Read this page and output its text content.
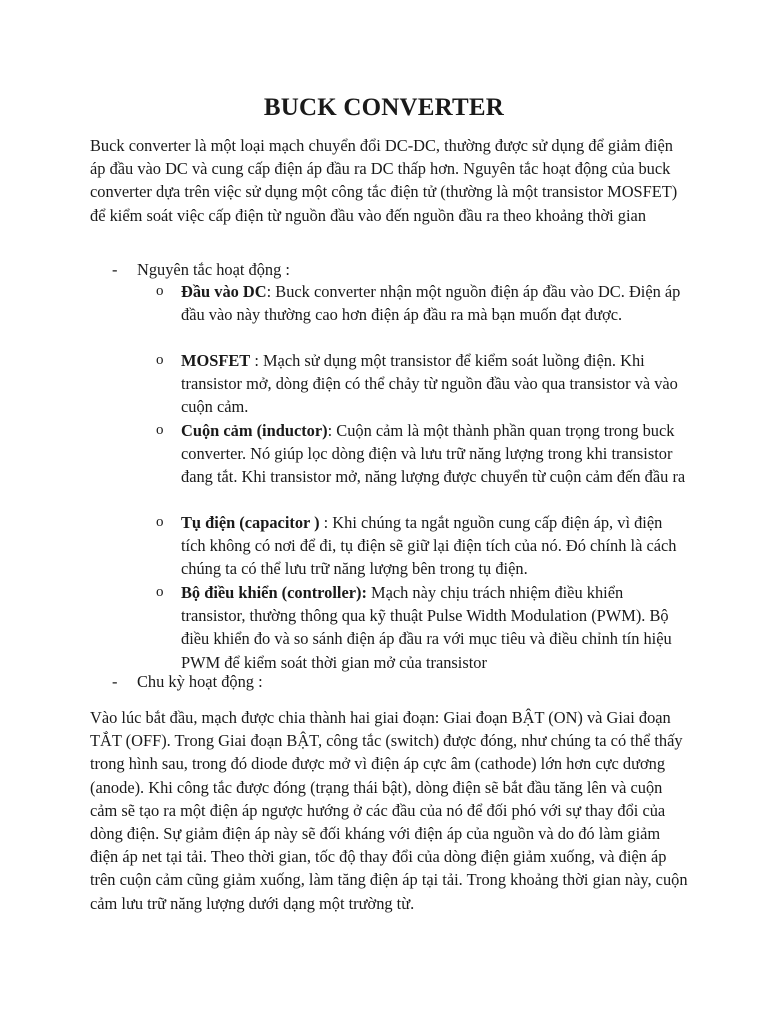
BUCK CONVERTER

Buck converter là một loại mạch chuyển đổi DC-DC, thường được sử dụng để giảm điện áp đầu vào DC và cung cấp điện áp đầu ra DC thấp hơn. Nguyên tắc hoạt động của buck converter dựa trên việc sử dụng một công tắc điện tử (thường là một transistor MOSFET) để kiểm soát việc cấp điện từ nguồn đầu vào đến nguồn đầu ra theo khoảng thời gian

- Nguyên tắc hoạt động :
o Đầu vào DC: Buck converter nhận một nguồn điện áp đầu vào DC. Điện áp đầu vào này thường cao hơn điện áp đầu ra mà bạn muốn đạt được.
o MOSFET : Mạch sử dụng một transistor để kiểm soát luồng điện. Khi transistor mở, dòng điện có thể chảy từ nguồn đầu vào qua transistor và vào cuộn cảm.
o Cuộn cảm (inductor): Cuộn cảm là một thành phần quan trọng trong buck converter. Nó giúp lọc dòng điện và lưu trữ năng lượng trong khi transistor đang tắt. Khi transistor mở, năng lượng được chuyển từ cuộn cảm đến đầu ra
o Tụ điện (capacitor ) : Khi chúng ta ngắt nguồn cung cấp điện áp, vì điện tích không có nơi để đi, tụ điện sẽ giữ lại điện tích của nó. Đó chính là cách chúng ta có thể lưu trữ năng lượng bên trong tụ điện.
o Bộ điều khiển (controller): Mạch này chịu trách nhiệm điều khiển transistor, thường thông qua kỹ thuật Pulse Width Modulation (PWM). Bộ điều khiển đo và so sánh điện áp đầu ra với mục tiêu và điều chỉnh tín hiệu PWM để kiểm soát thời gian mở của transistor
- Chu kỳ hoạt động :

Vào lúc bắt đầu, mạch được chia thành hai giai đoạn: Giai đoạn BẬT (ON) và Giai đoạn TẮT (OFF). Trong Giai đoạn BẬT, công tắc (switch) được đóng, như chúng ta có thể thấy trong hình sau, trong đó diode được mở vì điện áp cực âm (cathode) lớn hơn cực dương (anode). Khi công tắc được đóng (trạng thái bật), dòng điện sẽ bắt đầu tăng lên và cuộn cảm sẽ tạo ra một điện áp ngược hướng ở các đầu của nó để đối phó với sự thay đổi của dòng điện. Sự giảm điện áp này sẽ đối kháng với điện áp của nguồn và do đó làm giảm điện áp net tại tải. Theo thời gian, tốc độ thay đổi của dòng điện giảm xuống, và điện áp trên cuộn cảm cũng giảm xuống, làm tăng điện áp tại tải. Trong khoảng thời gian này, cuộn cảm lưu trữ năng lượng dưới dạng một trường từ.
